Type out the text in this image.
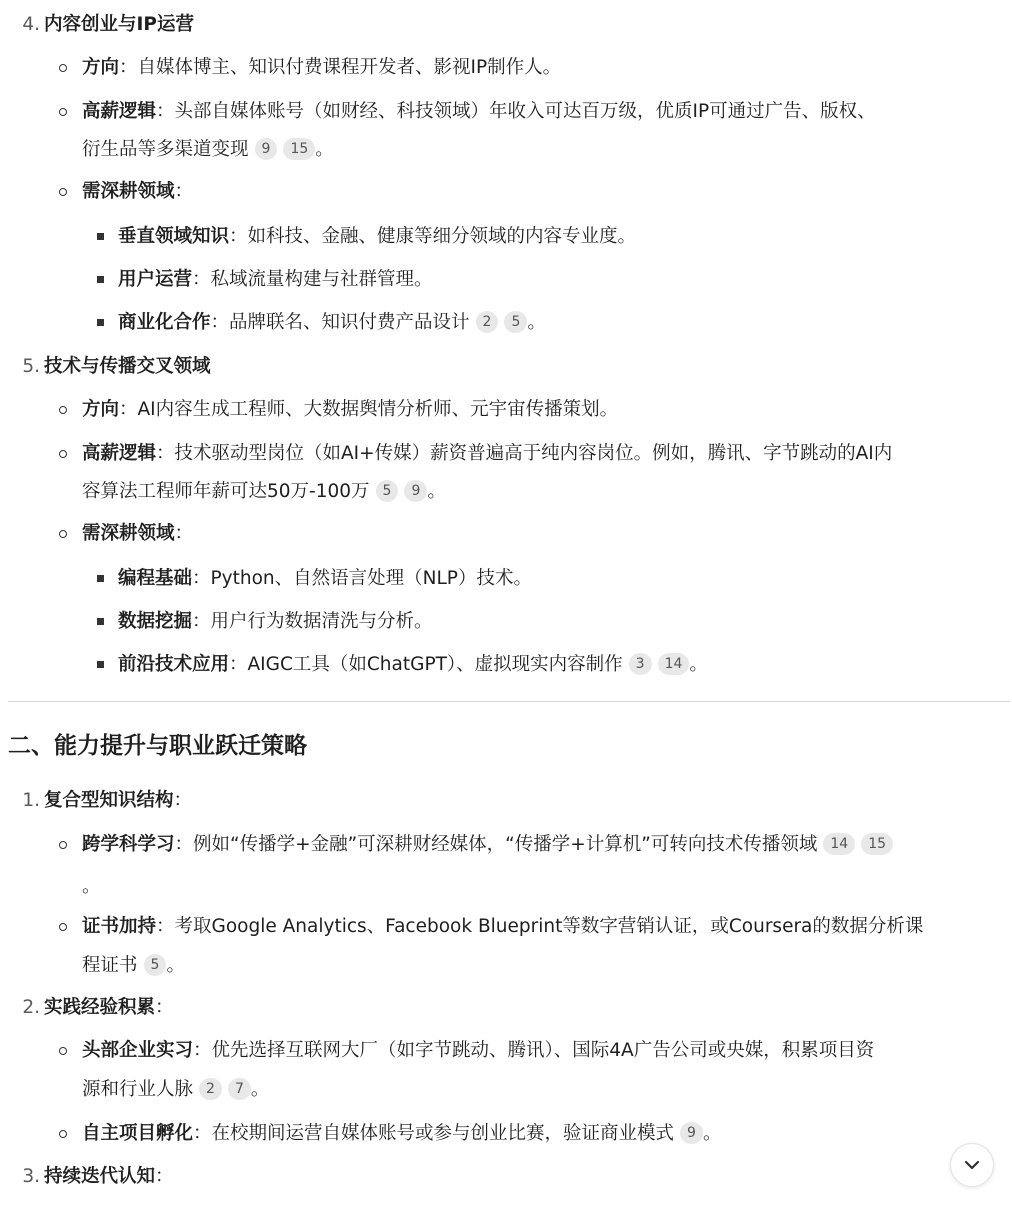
4. 内容创业与IP运营
方向：自媒体博主、知识付费课程开发者、影视IP制作人。
高薪逻辑：头部自媒体账号（如财经、科技领域）年收入可达百万级，优质IP可通过广告、版权、
衍生品等多渠道变现 9 15 。
需深耕领域：
垂直领域知识：如科技、金融、健康等细分领域的内容专业度。
用户运营：私域流量构建与社群管理。
商业化合作：品牌联名、知识付费产品设计 2 5 。
5. 技术与传播交叉领域
方向：AI内容生成工程师、大数据舆情分析师、元宇宙传播策划。
高薪逻辑：技术驱动型岗位（如AI+传媒）薪资普遍高于纯内容岗位。例如，腾讯、字节跳动的AI内
容算法工程师年薪可达50万-100万 5 9 。
需深耕领域：
编程基础：Python、自然语言处理（NLP）技术。
数据挖掘：用户行为数据清洗与分析。
前沿技术应用：AIGC工具（如ChatGPT）、虚拟现实内容制作 3 14 。
二、能力提升与职业跃迁策略
1. 复合型知识结构：
跨学科学习：例如“传播学+金融”可深耕财经媒体，“传播学+计算机”可转向技术传播领域 14 15
。
证书加持：考取Google Analytics、Facebook Blueprint等数字营销认证，或Coursera的数据分析课
程证书 5 。
2. 实践经验积累：
头部企业实习：优先选择互联网大厂（如字节跳动、腾讯）、国际4A广告公司或央媒，积累项目资
源和行业人脉 2 7 。
自主项目孵化：在校期间运营自媒体账号或参与创业比赛，验证商业模式 9 。
3. 持续迭代认知：
